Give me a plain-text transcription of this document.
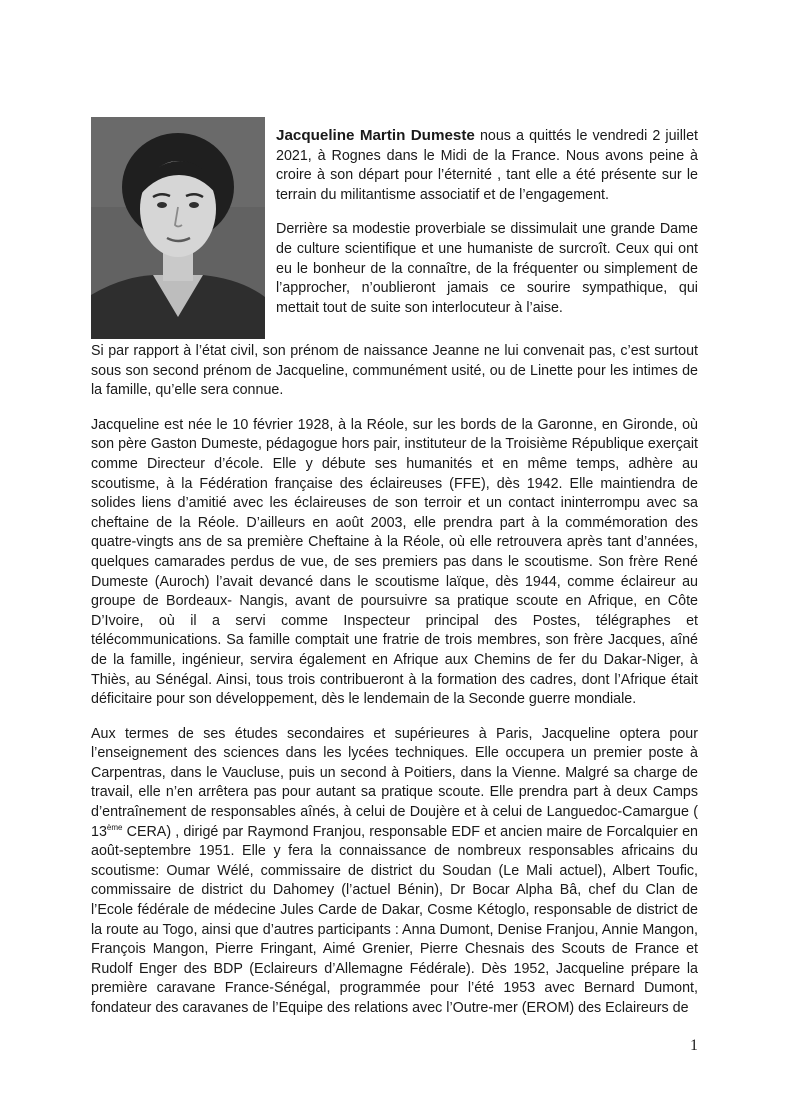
Jacqueline Martin Dumeste nous a quittés le vendredi 2 juillet 2021, à Rognes dans le Midi de la France. Nous avons peine à croire à son départ pour l’éternité , tant elle a été présente sur le terrain du militantisme associatif et de l’engagement.

Derrière sa modestie proverbiale se dissimulait une grande Dame de culture scientifique et une humaniste de surcroît. Ceux qui ont eu le bonheur de la connaître, de la fréquenter ou simplement de l’approcher, n’oublieront jamais ce sourire sympathique, qui mettait tout de suite son interlocuteur à l’aise.

Si par rapport à l’état civil, son prénom de naissance Jeanne ne lui convenait pas, c’est surtout sous son second prénom de Jacqueline, communément usité, ou de Linette pour les intimes de la famille, qu’elle sera connue.

Jacqueline est née le 10 février 1928, à la Réole, sur les bords de la Garonne, en Gironde, où son père Gaston Dumeste, pédagogue hors pair, instituteur de la Troisième République exerçait comme Directeur d’école. Elle y débute ses humanités et en même temps, adhère au scoutisme, à la Fédération française des éclaireuses (FFE), dès 1942. Elle maintiendra de solides liens d’amitié avec les éclaireuses de son terroir et un contact ininterrompu avec sa cheftaine de la Réole. D’ailleurs en août 2003, elle prendra part à la commémoration des quatre-vingts ans de sa première Cheftaine à la Réole, où elle retrouvera après tant d’années, quelques camarades perdus de vue, de ses premiers pas dans le scoutisme. Son frère René Dumeste (Auroch) l’avait devancé dans le scoutisme laïque, dès 1944, comme éclaireur au groupe de Bordeaux- Nangis, avant de poursuivre sa pratique scoute en Afrique, en Côte D’Ivoire, où il a servi comme Inspecteur principal des Postes, télégraphes et télécommunications. Sa famille comptait une fratrie de trois membres, son frère Jacques, aîné de la famille, ingénieur, servira également en Afrique aux Chemins de fer du Dakar-Niger, à Thiès, au Sénégal. Ainsi, tous trois contribueront à la formation des cadres, dont l’Afrique était déficitaire pour son développement, dès le lendemain de la Seconde guerre mondiale.

Aux termes de ses études secondaires et supérieures à Paris, Jacqueline optera pour l’enseignement des sciences dans les lycées techniques. Elle occupera un premier poste à Carpentras, dans le Vaucluse, puis un second à Poitiers, dans la Vienne. Malgré sa charge de travail, elle n’en arrêtera pas pour autant sa pratique scoute. Elle prendra part à deux Camps d’entraînement de responsables aînés, à celui de Doujère et à celui de Languedoc-Camargue ( 13ème CERA) , dirigé par Raymond Franjou, responsable EDF et ancien maire de Forcalquier en août-septembre 1951. Elle y fera la connaissance de nombreux responsables africains du scoutisme: Oumar Wélé, commissaire de district du Soudan (Le Mali actuel), Albert Toufic, commissaire de district du Dahomey (l’actuel Bénin), Dr Bocar Alpha Bâ, chef du Clan de l’Ecole fédérale de médecine Jules Carde de Dakar, Cosme Kétoglo, responsable de district de la route au Togo, ainsi que d’autres participants : Anna Dumont, Denise Franjou, Annie Mangon, François Mangon, Pierre Fringant, Aimé Grenier, Pierre Chesnais des Scouts de France et Rudolf Enger des BDP (Eclaireurs d’Allemagne Fédérale). Dès 1952, Jacqueline prépare la première caravane France-Sénégal, programmée pour l’été 1953 avec Bernard Dumont, fondateur des caravanes de l’Equipe des relations avec l’Outre-mer (EROM) des Eclaireurs de

1
